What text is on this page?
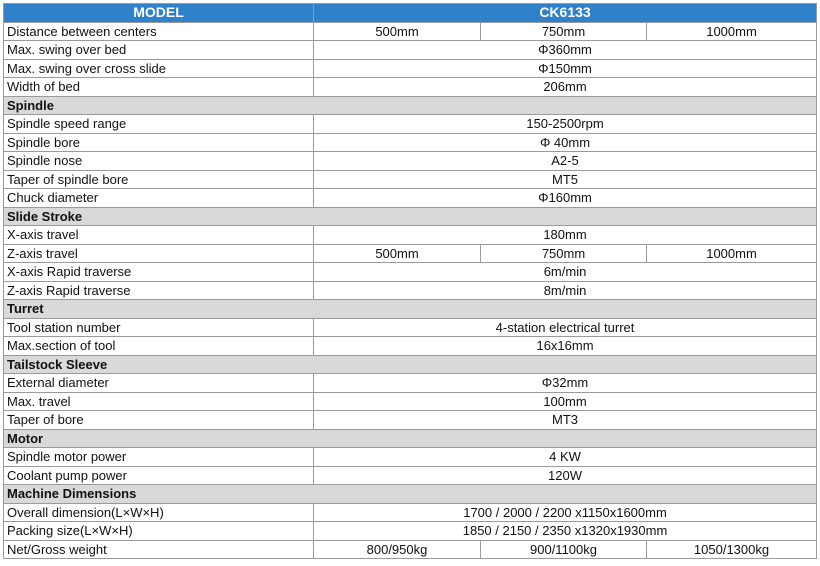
MODEL	CK6133		
Distance between centers	500mm	750mm	1000mm
Max. swing over bed	Φ360mm		
Max. swing over cross slide	Φ150mm		
Width of bed	206mm		
Spindle			
Spindle speed range	150-2500rpm		
Spindle bore	Φ 40mm		
Spindle nose	A2-5		
Taper of spindle bore	MT5		
Chuck diameter	Φ160mm		
Slide Stroke			
X-axis travel	180mm		
Z-axis travel	500mm	750mm	1000mm
X-axis Rapid traverse	6m/min		
Z-axis Rapid traverse	8m/min		
Turret			
Tool station number	4-station electrical turret		
Max.section of tool	16x16mm		
Tailstock Sleeve			
External diameter	Φ32mm		
Max. travel	100mm		
Taper of bore	MT3		
Motor			
Spindle motor power	4 KW		
Coolant pump power	120W		
Machine Dimensions			
Overall dimension(L×W×H)	1700 / 2000 / 2200 x1150x1600mm		
Packing size(L×W×H)	1850 / 2150 / 2350 x1320x1930mm		
Net/Gross weight	800/950kg	900/1100kg	1050/1300kg
